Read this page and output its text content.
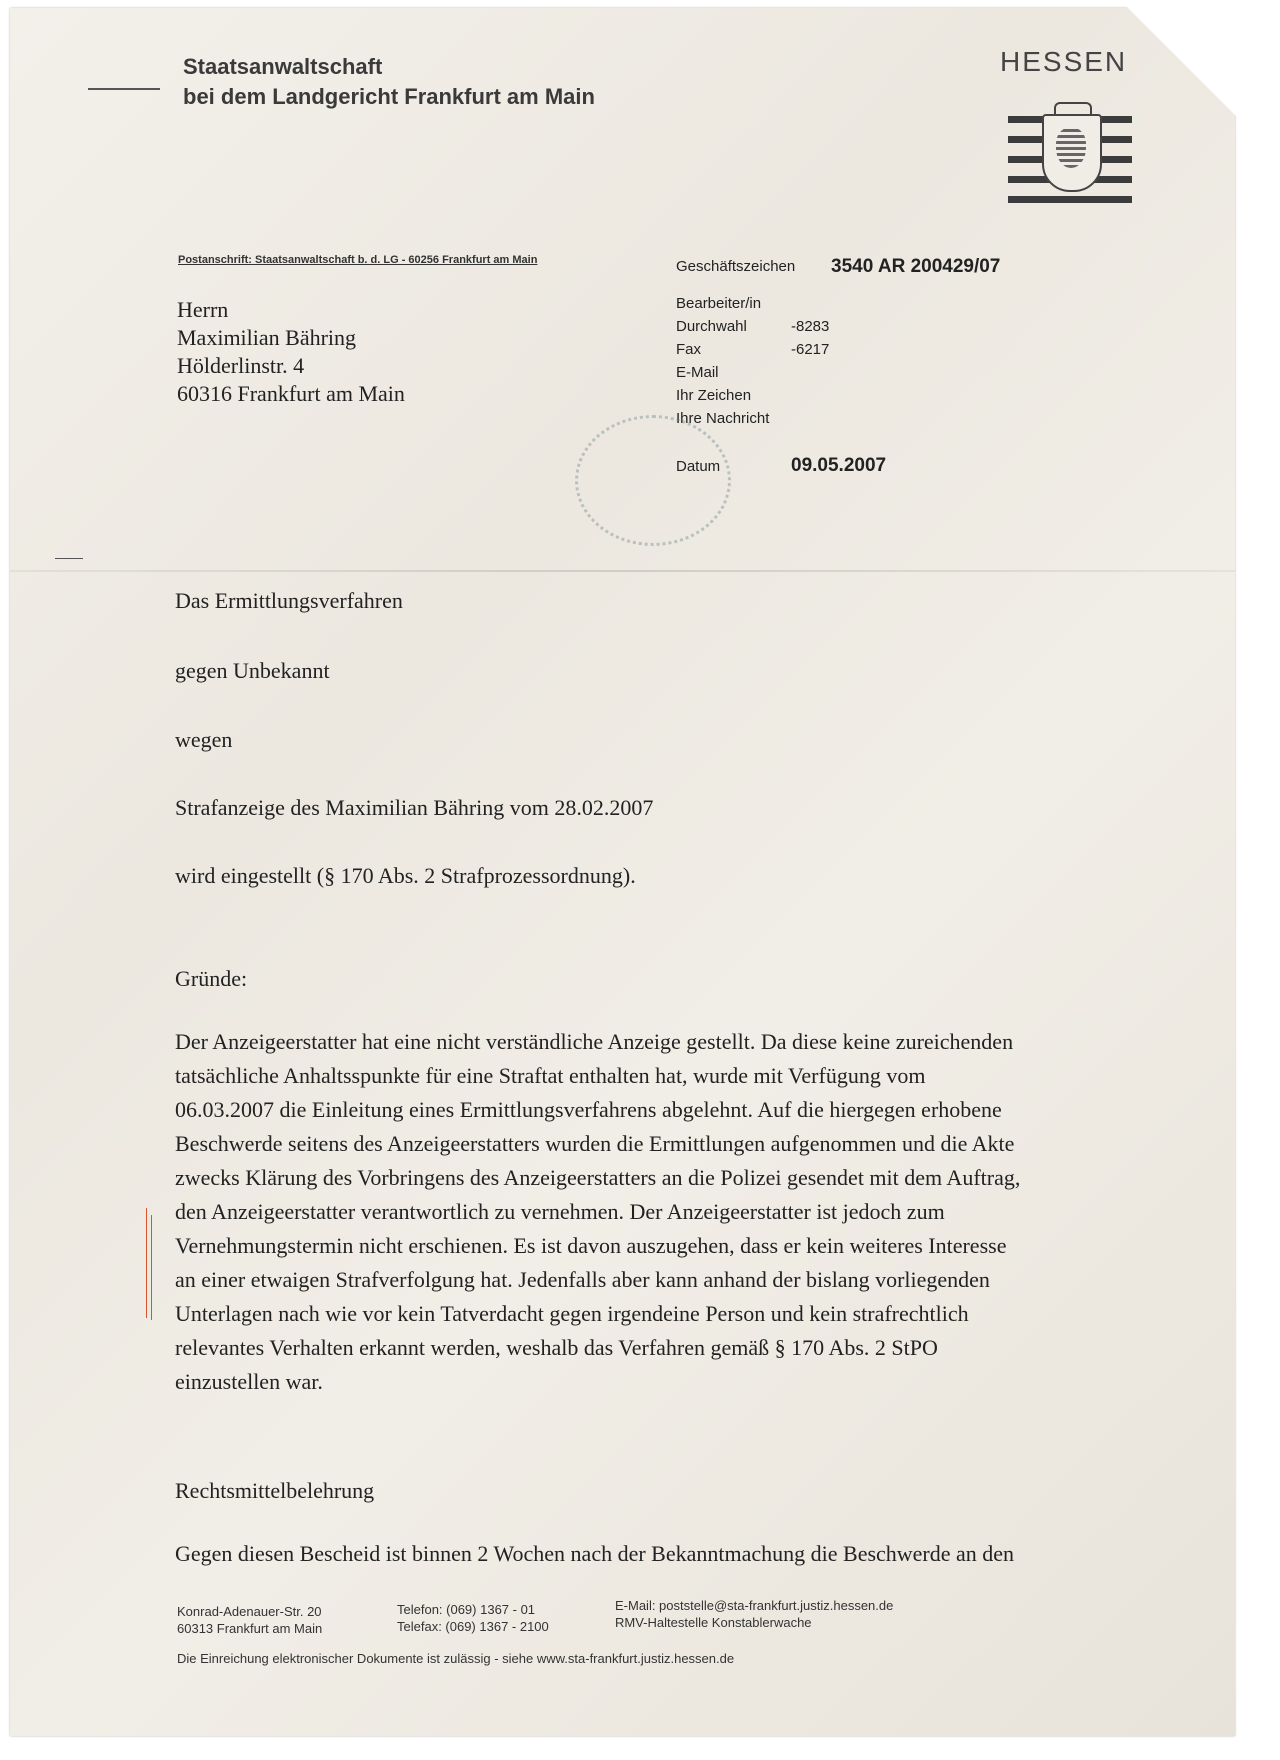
Staatsanwaltschaft
bei dem Landgericht Frankfurt am Main
HESSEN
Postanschrift: Staatsanwaltschaft b. d. LG - 60256 Frankfurt am Main
Herrn
Maximilian Bähring
Hölderlinstr. 4
60316 Frankfurt am Main
Geschäftszeichen 3540 AR 200429/07
Bearbeiter/in
Durchwahl	-8283
Fax	-6217
E-Mail
Ihr Zeichen
Ihre Nachricht
Datum	09.05.2007
Das Ermittlungsverfahren
gegen Unbekannt
wegen
Strafanzeige des Maximilian Bähring vom 28.02.2007
wird eingestellt (§ 170 Abs. 2 Strafprozessordnung).
Gründe:
Der Anzeigeerstatter hat eine nicht verständliche Anzeige gestellt. Da diese keine zureichenden
tatsächliche Anhaltsspunkte für eine Straftat enthalten hat, wurde mit Verfügung vom
06.03.2007 die Einleitung eines Ermittlungsverfahrens abgelehnt. Auf die hiergegen erhobene
Beschwerde seitens des Anzeigeerstatters wurden die Ermittlungen aufgenommen und die Akte
zwecks Klärung des Vorbringens des Anzeigeerstatters an die Polizei gesendet mit dem Auftrag,
den Anzeigeerstatter verantwortlich zu vernehmen. Der Anzeigeerstatter ist jedoch zum
Vernehmungstermin nicht erschienen. Es ist davon auszugehen, dass er kein weiteres Interesse
an einer etwaigen Strafverfolgung hat. Jedenfalls aber kann anhand der bislang vorliegenden
Unterlagen nach wie vor kein Tatverdacht gegen irgendeine Person und kein strafrechtlich
relevantes Verhalten erkannt werden, weshalb das Verfahren gemäß § 170 Abs. 2 StPO
einzustellen war.
Rechtsmittelbelehrung
Gegen diesen Bescheid ist binnen 2 Wochen nach der Bekanntmachung die Beschwerde an den
Konrad-Adenauer-Str. 20
60313 Frankfurt am Main
Telefon: (069) 1367 - 01
Telefax: (069) 1367 - 2100
E-Mail: poststelle@sta-frankfurt.justiz.hessen.de
RMV-Haltestelle Konstablerwache
Die Einreichung elektronischer Dokumente ist zulässig - siehe www.sta-frankfurt.justiz.hessen.de
